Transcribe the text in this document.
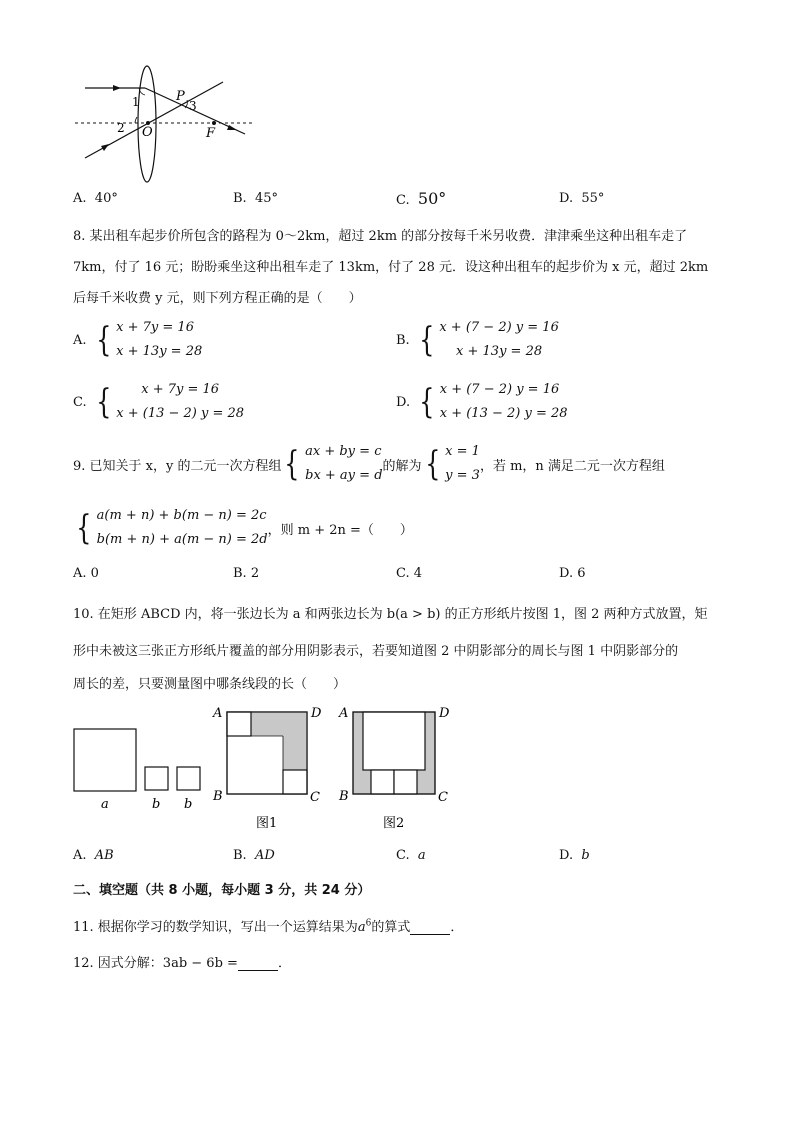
1
2
P
3
O	F
A. 40°	B. 45°	C. 50°	D. 55°
8. 某出租车起步价所包含的路程为 0～2km，超过 2km 的部分按每千米另收费．津津乘坐这种出租车走了
7km，付了 16 元；盼盼乘坐这种出租车走了 13km，付了 28 元．设这种出租车的起步价为 x 元，超过 2km
后每千米收费 y 元，则下列方程正确的是（　　）
A. { x + 7y = 16
x + 13y = 28
B. { x + (7 − 2) y = 16
x + 13y = 28
C. { x + 7y = 16
x + (13 − 2) y = 28
D. { x + (7 − 2) y = 16
x + (13 − 2) y = 28
9. 已知关于 x，y 的二元一次方程组 { ax + by = c
bx + ay = d
的解为 { x = 1
y = 3
，若 m，n 满足二元一次方程组
{ a(m + n) + b(m − n) = 2c
b(m + n) + a(m − n) = 2d
，则 m + 2n =（　　）
A. 0	B. 2	C. 4	D. 6
10. 在矩形 ABCD 内，将一张边长为 a 和两张边长为 b(a > b) 的正方形纸片按图 1，图 2 两种方式放置，矩
形中未被这三张正方形纸片覆盖的部分用阴影表示，若要知道图 2 中阴影部分的周长与图 1 中阴影部分的
周长的差，只要测量图中哪条线段的长（　　）
a	b b
A	D
B	C
图1
A	D
B	C
图2
A. AB	B. AD	C. a	D. b
二、填空题（共 8 小题，每小题 3 分，共 24 分）
11. 根据你学习的数学知识，写出一个运算结果为$a^6$的算式	．
12. 因式分解：3ab − 6b =	．
